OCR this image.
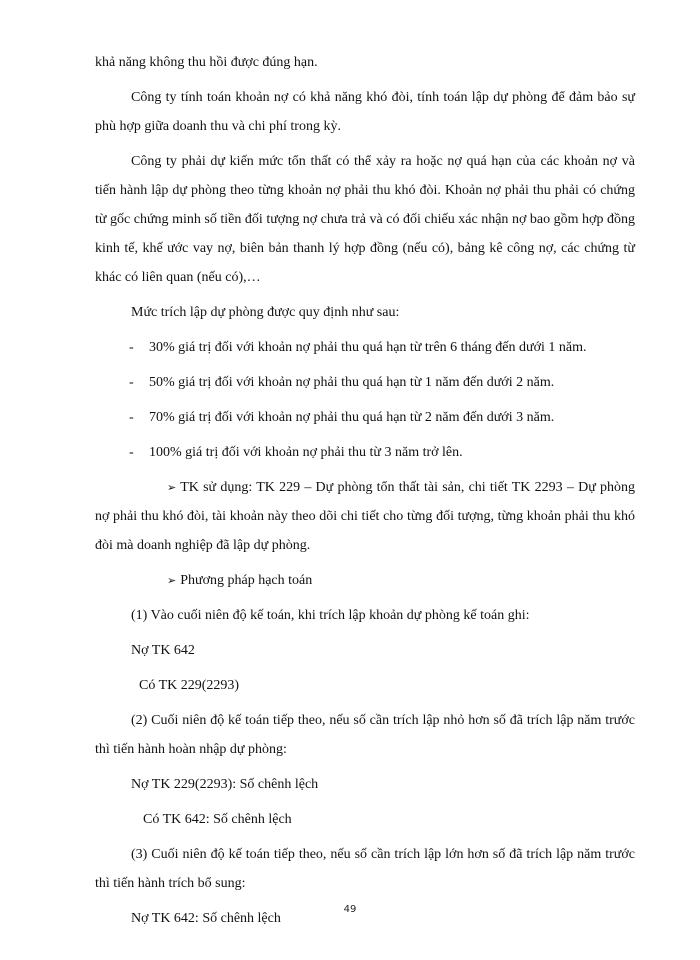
khả năng không thu hồi được đúng hạn.

Công ty tính toán khoản nợ có khả năng khó đòi, tính toán lập dự phòng để đảm bảo sự phù hợp giữa doanh thu và chi phí trong kỳ.

Công ty phải dự kiến mức tổn thất có thể xảy ra hoặc nợ quá hạn của các khoản nợ và tiến hành lập dự phòng theo từng khoản nợ phải thu khó đòi. Khoản nợ phải thu phải có chứng từ gốc chứng minh số tiền đối tượng nợ chưa trả và có đối chiếu xác nhận nợ bao gồm hợp đồng kinh tế, khế ước vay nợ, biên bản thanh lý hợp đồng (nếu có), bảng kê công nợ, các chứng từ khác có liên quan (nếu có),…

Mức trích lập dự phòng được quy định như sau:

-	30% giá trị đối với khoản nợ phải thu quá hạn từ trên 6 tháng đến dưới 1 năm.

-	50% giá trị đối với khoản nợ phải thu quá hạn từ 1 năm đến dưới 2 năm.

-	70% giá trị đối với khoản nợ phải thu quá hạn từ 2 năm đến dưới 3 năm.

-	100% giá trị đối với khoản nợ phải thu từ 3 năm trở lên.

➢ TK sử dụng: TK 229 – Dự phòng tổn thất tài sản, chi tiết TK 2293 – Dự phòng nợ phải thu khó đòi, tài khoản này theo dõi chi tiết cho từng đối tượng, từng khoản phải thu khó đòi mà doanh nghiệp đã lập dự phòng.

➢ Phương pháp hạch toán

(1) Vào cuối niên độ kế toán, khi trích lập khoản dự phòng kế toán ghi:

Nợ TK 642

Có TK 229(2293)

(2) Cuối niên độ kế toán tiếp theo, nếu số cần trích lập nhỏ hơn số đã trích lập năm trước thì tiến hành hoàn nhập dự phòng:

Nợ TK 229(2293): Số chênh lệch

Có TK 642: Số chênh lệch

(3) Cuối niên độ kế toán tiếp theo, nếu số cần trích lập lớn hơn số đã trích lập năm trước thì tiến hành trích bổ sung:

Nợ TK 642: Số chênh lệch

49
